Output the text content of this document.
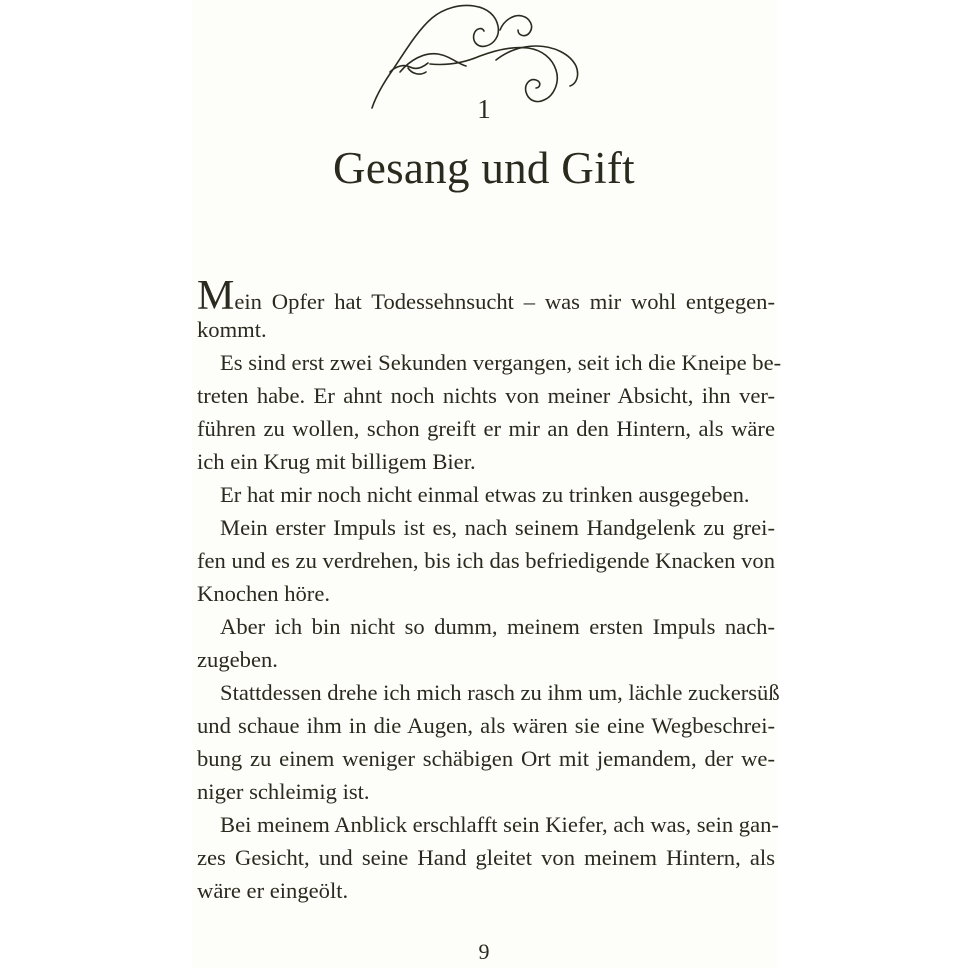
1
Gesang und Gift
Mein Opfer hat Todessehnsucht – was mir wohl entgegen-
kommt.
Es sind erst zwei Sekunden vergangen, seit ich die Kneipe be-
treten habe. Er ahnt noch nichts von meiner Absicht, ihn ver-
führen zu wollen, schon greift er mir an den Hintern, als wäre
ich ein Krug mit billigem Bier.
Er hat mir noch nicht einmal etwas zu trinken ausgegeben.
Mein erster Impuls ist es, nach seinem Handgelenk zu grei-
fen und es zu verdrehen, bis ich das befriedigende Knacken von
Knochen höre.
Aber ich bin nicht so dumm, meinem ersten Impuls nach-
zugeben.
Stattdessen drehe ich mich rasch zu ihm um, lächle zuckersüß
und schaue ihm in die Augen, als wären sie eine Wegbeschrei-
bung zu einem weniger schäbigen Ort mit jemandem, der we-
niger schleimig ist.
Bei meinem Anblick erschlafft sein Kiefer, ach was, sein gan-
zes Gesicht, und seine Hand gleitet von meinem Hintern, als
wäre er eingeölt.
9
